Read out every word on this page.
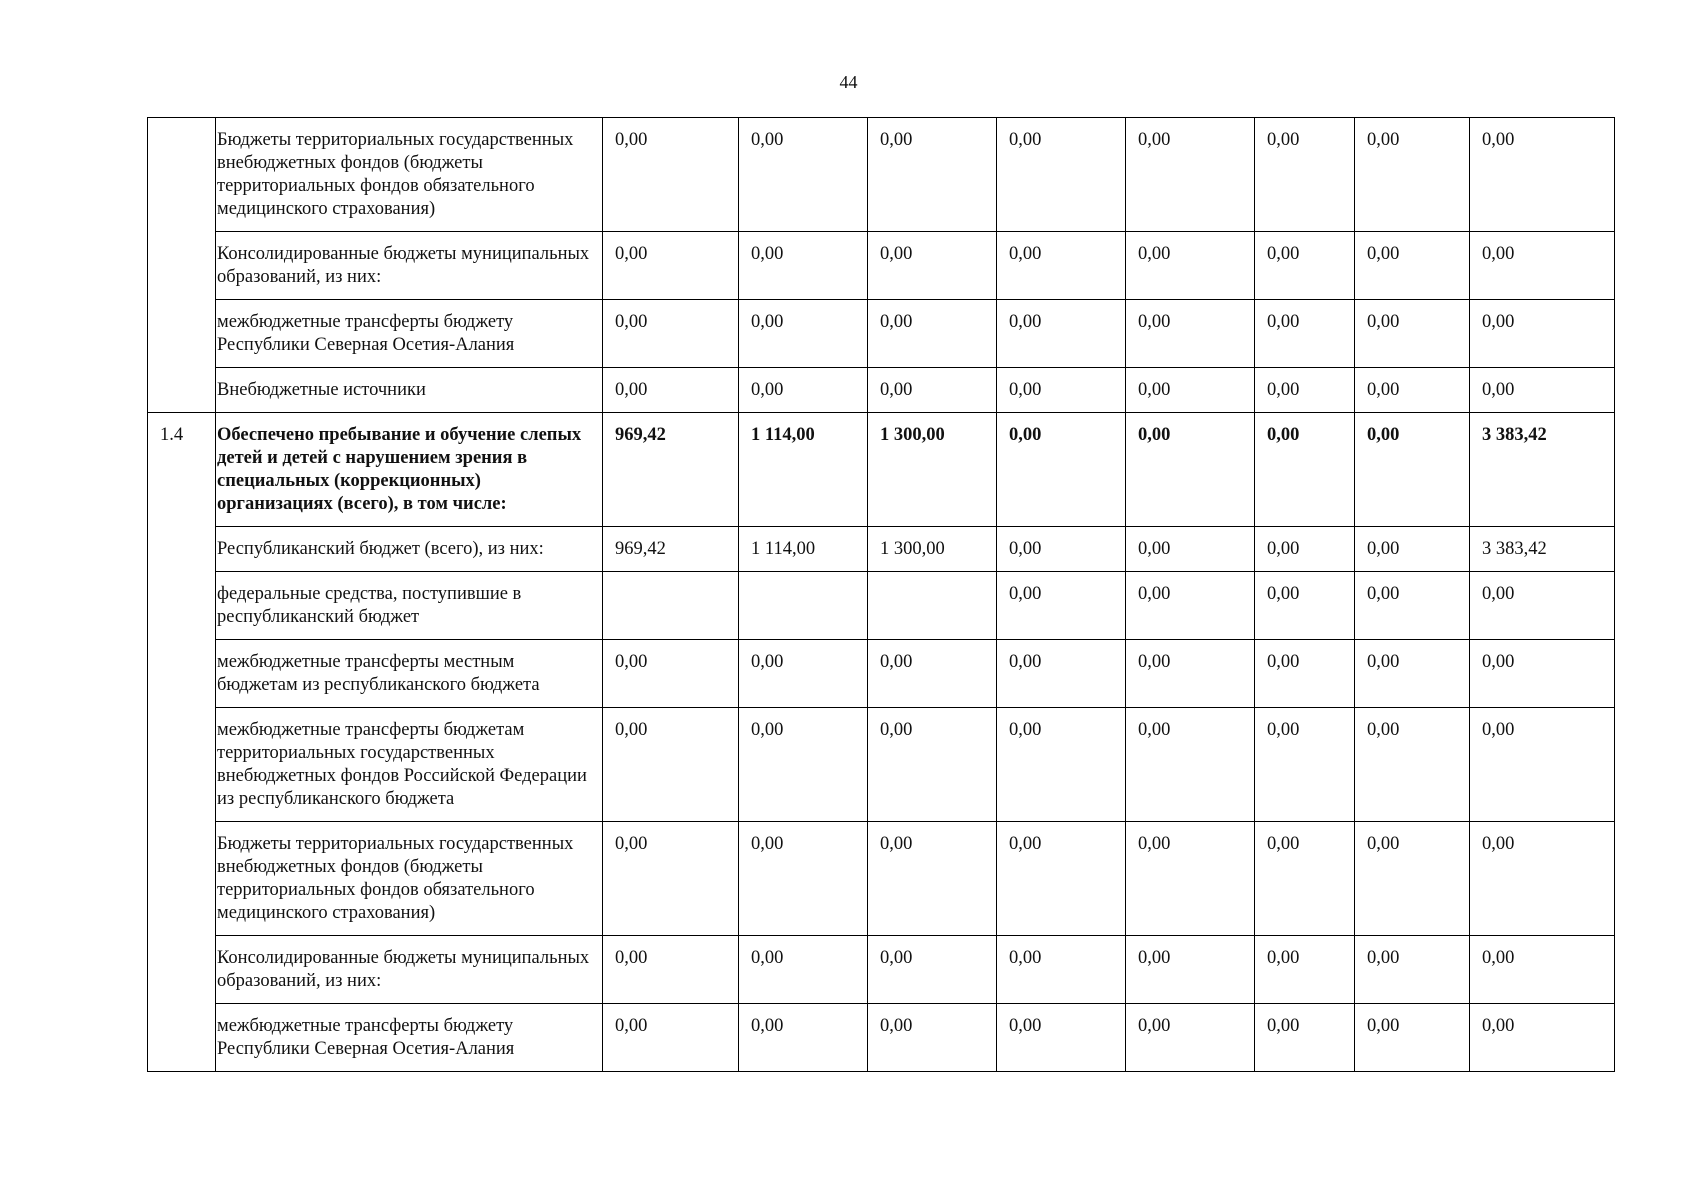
44
	Бюджеты территориальных государственных внебюджетных фондов (бюджеты территориальных фондов обязательного медицинского страхования)	0,00	0,00	0,00	0,00	0,00	0,00	0,00	0,00
	Консолидированные бюджеты муниципальных образований, из них:	0,00	0,00	0,00	0,00	0,00	0,00	0,00	0,00
	межбюджетные трансферты бюджету Республики Северная Осетия-Алания	0,00	0,00	0,00	0,00	0,00	0,00	0,00	0,00
	Внебюджетные источники	0,00	0,00	0,00	0,00	0,00	0,00	0,00	0,00
1.4	Обеспечено пребывание и обучение слепых детей и детей с нарушением зрения в специальных (коррекционных) организациях (всего), в том числе:	969,42	1 114,00	1 300,00	0,00	0,00	0,00	0,00	3 383,42
	Республиканский бюджет (всего), из них:	969,42	1 114,00	1 300,00	0,00	0,00	0,00	0,00	3 383,42
	федеральные средства, поступившие в республиканский бюджет				0,00	0,00	0,00	0,00	0,00
	межбюджетные трансферты местным бюджетам из республиканского бюджета	0,00	0,00	0,00	0,00	0,00	0,00	0,00	0,00
	межбюджетные трансферты бюджетам территориальных государственных внебюджетных фондов Российской Федерации из республиканского бюджета	0,00	0,00	0,00	0,00	0,00	0,00	0,00	0,00
	Бюджеты территориальных государственных внебюджетных фондов (бюджеты территориальных фондов обязательного медицинского страхования)	0,00	0,00	0,00	0,00	0,00	0,00	0,00	0,00
	Консолидированные бюджеты муниципальных образований, из них:	0,00	0,00	0,00	0,00	0,00	0,00	0,00	0,00
	межбюджетные трансферты бюджету Республики Северная Осетия-Алания	0,00	0,00	0,00	0,00	0,00	0,00	0,00	0,00
